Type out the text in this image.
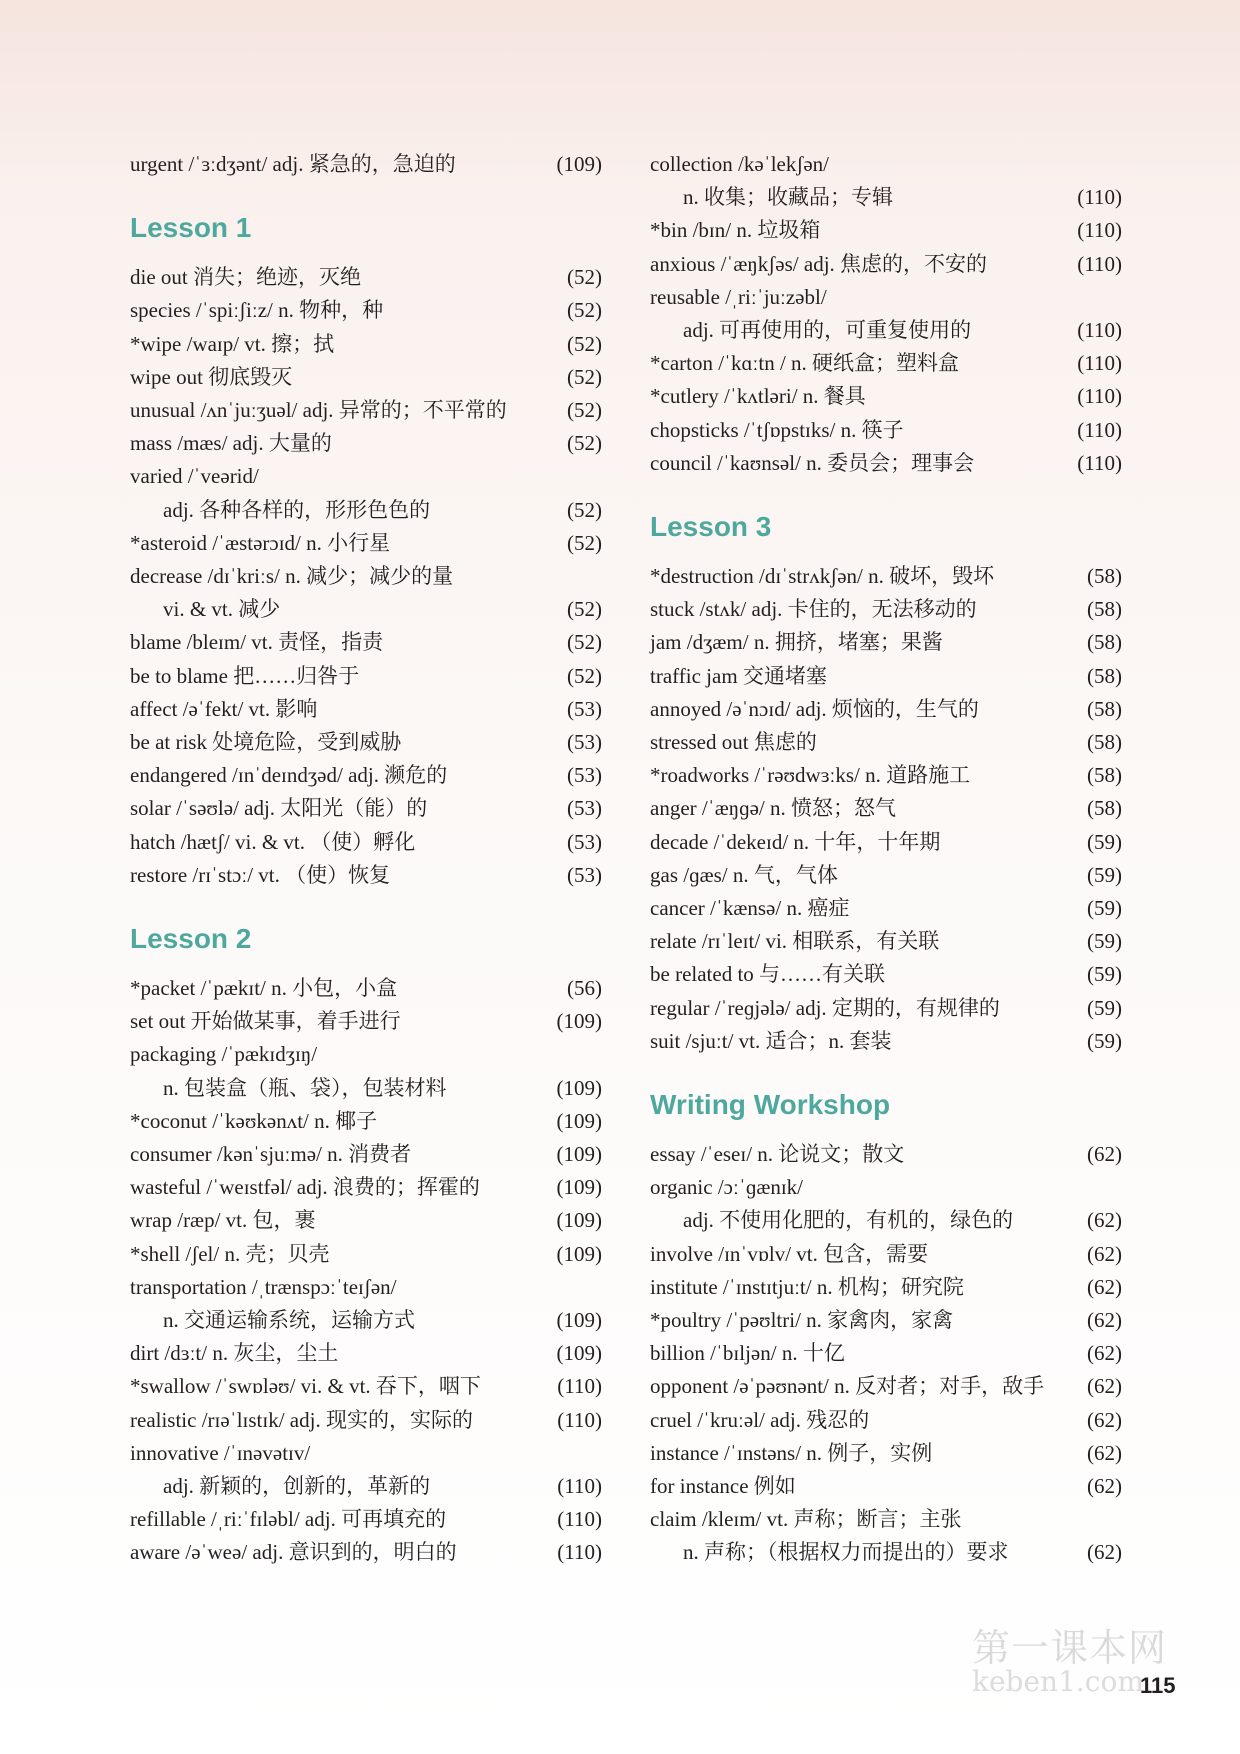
urgent /ˈɜːdʒənt/ adj. 紧急的，急迫的	(109)
Lesson 1
die out 消失；绝迹，灭绝	(52)
species /ˈspiːʃiːz/ n. 物种，种	(52)
*wipe /waɪp/ vt. 擦；拭	(52)
wipe out 彻底毁灭	(52)
unusual /ʌnˈjuːʒuəl/ adj. 异常的；不平常的	(52)
mass /mæs/ adj. 大量的	(52)
varied /ˈveərid/
adj. 各种各样的，形形色色的	(52)
*asteroid /ˈæstərɔɪd/ n. 小行星	(52)
decrease /dɪˈkriːs/ n. 减少；减少的量
vi. & vt. 减少	(52)
blame /bleɪm/ vt. 责怪，指责	(52)
be to blame 把……归咎于	(52)
affect /əˈfekt/ vt. 影响	(53)
be at risk 处境危险，受到威胁	(53)
endangered /ɪnˈdeɪndʒəd/ adj. 濒危的	(53)
solar /ˈsəʊlə/ adj. 太阳光（能）的	(53)
hatch /hætʃ/ vi. & vt. （使）孵化	(53)
restore /rɪˈstɔː/ vt. （使）恢复	(53)
Lesson 2
*packet /ˈpækɪt/ n. 小包，小盒	(56)
set out 开始做某事，着手进行	(109)
packaging /ˈpækɪdʒɪŋ/
n. 包装盒（瓶、袋），包装材料	(109)
*coconut /ˈkəʊkənʌt/ n. 椰子	(109)
consumer /kənˈsjuːmə/ n. 消费者	(109)
wasteful /ˈweɪstfəl/ adj. 浪费的；挥霍的	(109)
wrap /ræp/ vt. 包，裹	(109)
*shell /ʃel/ n. 壳；贝壳	(109)
transportation /ˌtrænspɔːˈteɪʃən/
n. 交通运输系统，运输方式	(109)
dirt /dɜːt/ n. 灰尘，尘土	(109)
*swallow /ˈswɒləʊ/ vi. & vt. 吞下，咽下	(110)
realistic /rɪəˈlɪstɪk/ adj. 现实的，实际的	(110)
innovative /ˈɪnəvətɪv/
adj. 新颖的，创新的，革新的	(110)
refillable /ˌriːˈfɪləbl/ adj. 可再填充的	(110)
aware /əˈweə/ adj. 意识到的，明白的	(110)
collection /kəˈlekʃən/
n. 收集；收藏品；专辑	(110)
*bin /bɪn/ n. 垃圾箱	(110)
anxious /ˈæŋkʃəs/ adj. 焦虑的，不安的	(110)
reusable /ˌriːˈjuːzəbl/
adj. 可再使用的，可重复使用的	(110)
*carton /ˈkɑːtn / n. 硬纸盒；塑料盒	(110)
*cutlery /ˈkʌtləri/ n. 餐具	(110)
chopsticks /ˈtʃɒpstɪks/ n. 筷子	(110)
council /ˈkaʊnsəl/ n. 委员会；理事会	(110)
Lesson 3
*destruction /dɪˈstrʌkʃən/ n. 破坏，毁坏	(58)
stuck /stʌk/ adj. 卡住的，无法移动的	(58)
jam /dʒæm/ n. 拥挤，堵塞；果酱	(58)
traffic jam 交通堵塞	(58)
annoyed /əˈnɔɪd/ adj. 烦恼的，生气的	(58)
stressed out 焦虑的	(58)
*roadworks /ˈrəʊdwɜːks/ n. 道路施工	(58)
anger /ˈæŋɡə/ n. 愤怒；怒气	(58)
decade /ˈdekeɪd/ n. 十年，十年期	(59)
gas /ɡæs/ n. 气，气体	(59)
cancer /ˈkænsə/ n. 癌症	(59)
relate /rɪˈleɪt/ vi. 相联系，有关联	(59)
be related to 与……有关联	(59)
regular /ˈreɡjələ/ adj. 定期的，有规律的	(59)
suit /sjuːt/ vt. 适合；n. 套装	(59)
Writing Workshop
essay /ˈeseɪ/ n. 论说文；散文	(62)
organic /ɔːˈɡænɪk/
adj. 不使用化肥的，有机的，绿色的	(62)
involve /ɪnˈvɒlv/ vt. 包含，需要	(62)
institute /ˈɪnstɪtjuːt/ n. 机构；研究院	(62)
*poultry /ˈpəʊltri/ n. 家禽肉，家禽	(62)
billion /ˈbɪljən/ n. 十亿	(62)
opponent /əˈpəʊnənt/ n. 反对者；对手，敌手 (62)
cruel /ˈkruːəl/ adj. 残忍的	(62)
instance /ˈɪnstəns/ n. 例子，实例	(62)
for instance 例如	(62)
claim /kleɪm/ vt. 声称；断言；主张
n. 声称；（根据权力而提出的）要求	(62)
第一课本网
keben1.com
115
